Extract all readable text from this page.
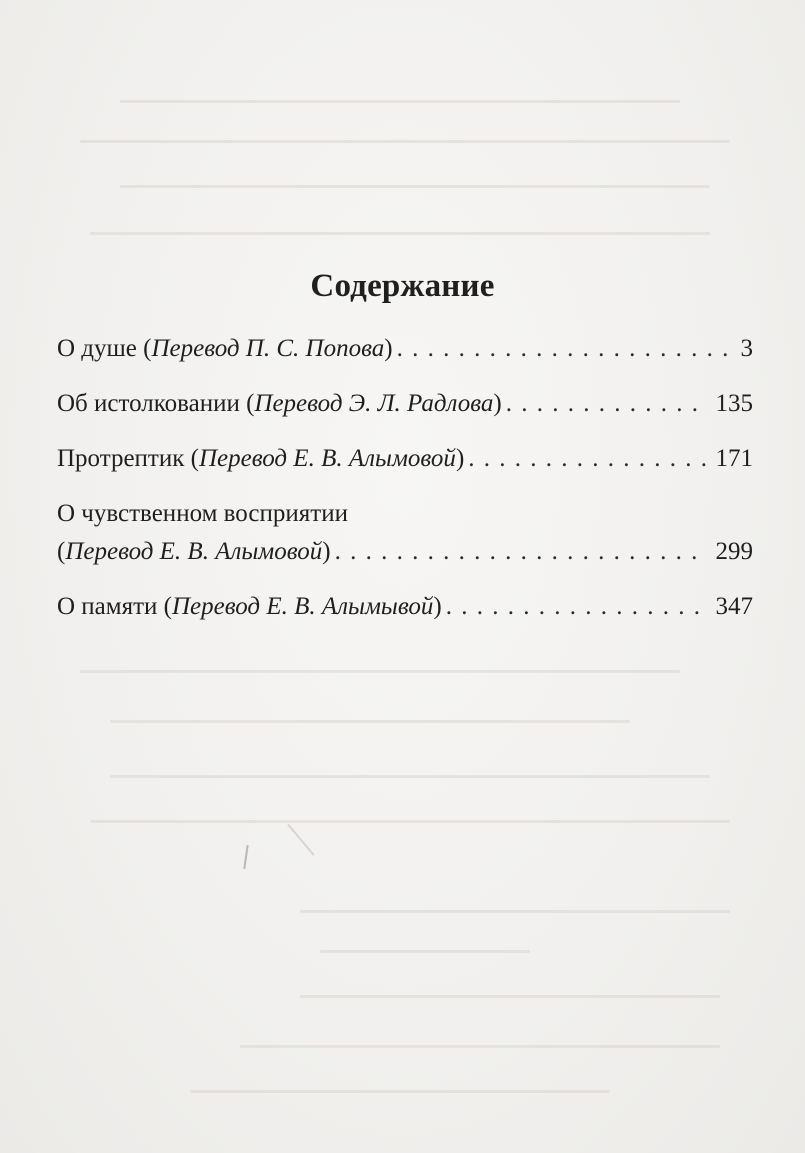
Содержание
О душе ( Перевод П. С. Попова ) . . .	3
Об истолковании ( Перевод Э. Л. Радлова ) . . .	135
Протрептик ( Перевод Е. В. Алымовой ) . . .	171
О чувственном восприятии
( Перевод Е. В. Алымовой ) . . .	299
О памяти ( Перевод Е. В. Алымывой ) . . .	347
